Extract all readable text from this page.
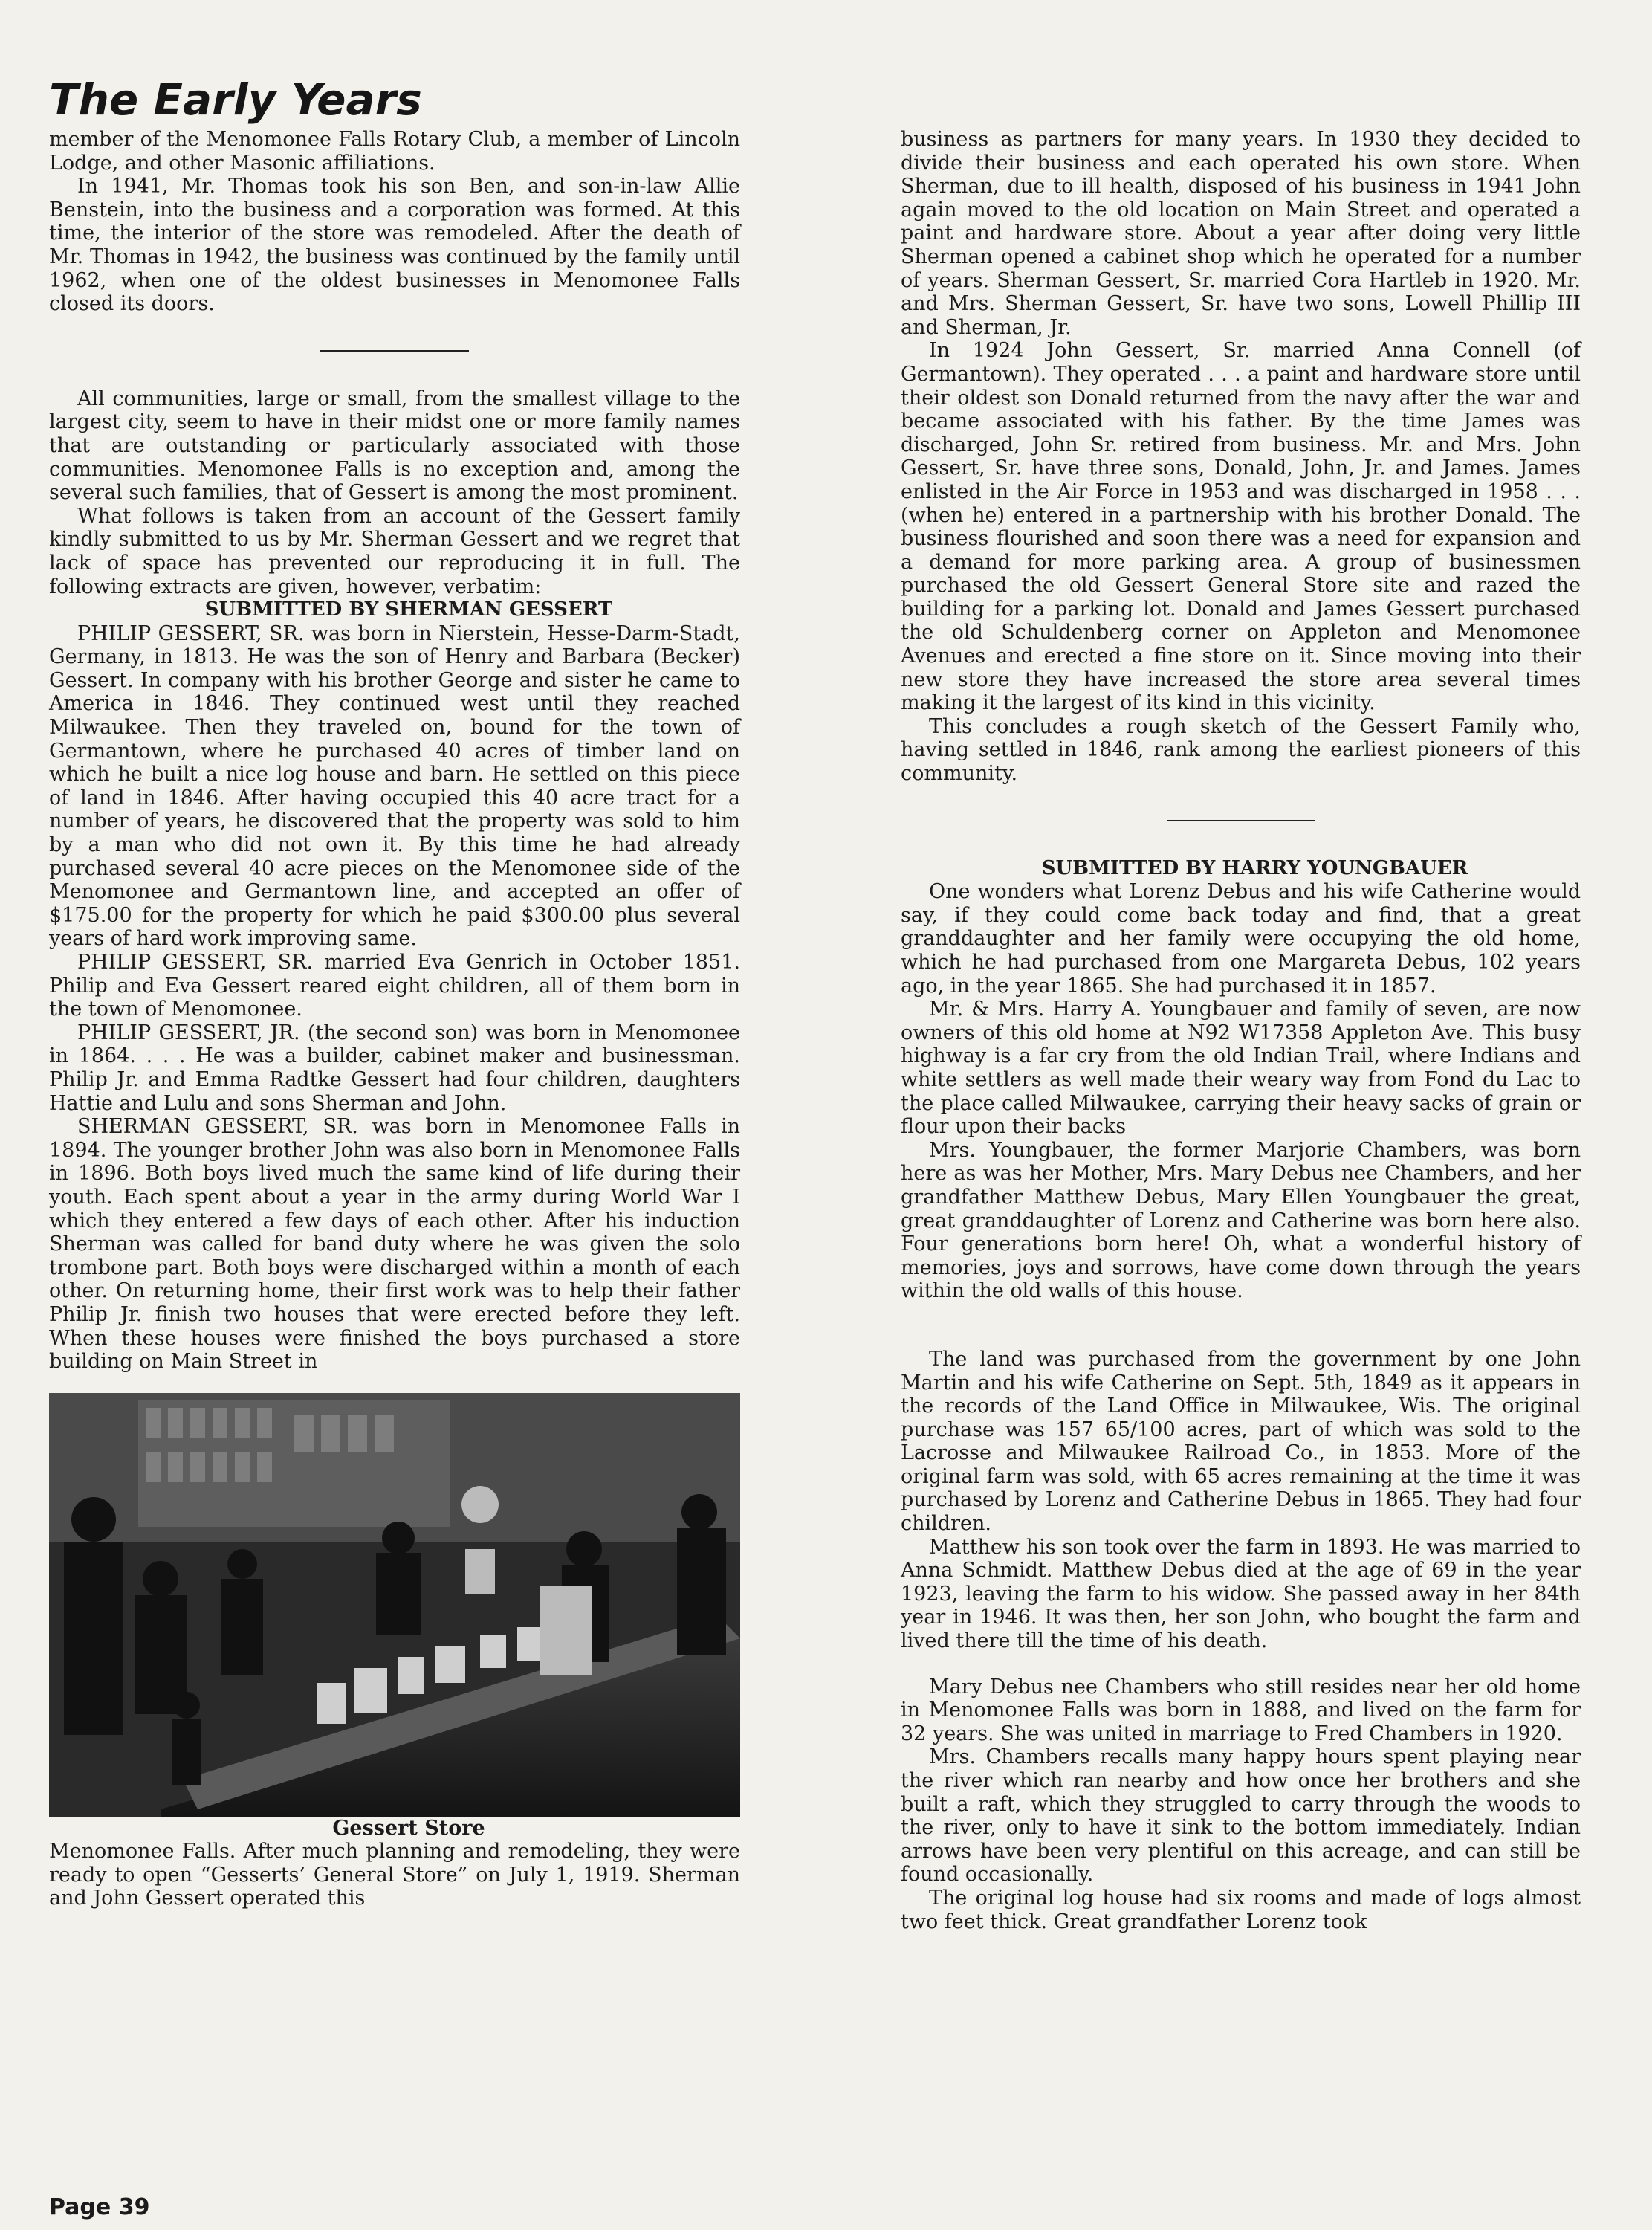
The Early Years

member of the Menomonee Falls Rotary Club, a member of Lincoln Lodge, and other Masonic affiliations.

In 1941, Mr. Thomas took his son Ben, and son-in-law Allie Benstein, into the business and a corporation was formed. At this time, the interior of the store was remodeled. After the death of Mr. Thomas in 1942, the business was continued by the family until 1962, when one of the oldest businesses in Menomonee Falls closed its doors.

All communities, large or small, from the smallest village to the largest city, seem to have in their midst one or more family names that are outstanding or particularly associated with those communities. Menomonee Falls is no exception and, among the several such families, that of Gessert is among the most prominent.

What follows is taken from an account of the Gessert family kindly submitted to us by Mr. Sherman Gessert and we regret that lack of space has prevented our reproducing it in full. The following extracts are given, however, verbatim:

SUBMITTED BY SHERMAN GESSERT

PHILIP GESSERT, SR. was born in Nierstein, Hesse-Darm-Stadt, Germany, in 1813. He was the son of Henry and Barbara (Becker) Gessert. In company with his brother George and sister he came to America in 1846. They continued west until they reached Milwaukee. Then they traveled on, bound for the town of Germantown, where he purchased 40 acres of timber land on which he built a nice log house and barn. He settled on this piece of land in 1846. After having occupied this 40 acre tract for a number of years, he discovered that the property was sold to him by a man who did not own it. By this time he had already purchased several 40 acre pieces on the Menomonee side of the Menomonee and Germantown line, and accepted an offer of $175.00 for the property for which he paid $300.00 plus several years of hard work improving same.

PHILIP GESSERT, SR. married Eva Genrich in October 1851. Philip and Eva Gessert reared eight children, all of them born in the town of Menomonee.

PHILIP GESSERT, JR. (the second son) was born in Menomonee in 1864. . . . He was a builder, cabinet maker and businessman. Philip Jr. and Emma Radtke Gessert had four children, daughters Hattie and Lulu and sons Sherman and John.

SHERMAN GESSERT, SR. was born in Menomonee Falls in 1894. The younger brother John was also born in Menomonee Falls in 1896. Both boys lived much the same kind of life during their youth. Each spent about a year in the army during World War I which they entered a few days of each other. After his induction Sherman was called for band duty where he was given the solo trombone part. Both boys were discharged within a month of each other. On returning home, their first work was to help their father Philip Jr. finish two houses that were erected before they left. When these houses were finished the boys purchased a store building on Main Street in

Gessert Store

Menomonee Falls. After much planning and remodeling, they were ready to open “Gesserts’ General Store” on July 1, 1919. Sherman and John Gessert operated this

business as partners for many years. In 1930 they decided to divide their business and each operated his own store. When Sherman, due to ill health, disposed of his business in 1941 John again moved to the old location on Main Street and operated a paint and hardware store. About a year after doing very little Sherman opened a cabinet shop which he operated for a number of years. Sherman Gessert, Sr. married Cora Hartleb in 1920. Mr. and Mrs. Sherman Gessert, Sr. have two sons, Lowell Phillip III and Sherman, Jr.

In 1924 John Gessert, Sr. married Anna Connell (of Germantown). They operated . . . a paint and hardware store until their oldest son Donald returned from the navy after the war and became associated with his father. By the time James was discharged, John Sr. retired from business. Mr. and Mrs. John Gessert, Sr. have three sons, Donald, John, Jr. and James. James enlisted in the Air Force in 1953 and was discharged in 1958 . . . (when he) entered in a partnership with his brother Donald. The business flourished and soon there was a need for expansion and a demand for more parking area. A group of businessmen purchased the old Gessert General Store site and razed the building for a parking lot. Donald and James Gessert purchased the old Schuldenberg corner on Appleton and Menomonee Avenues and erected a fine store on it. Since moving into their new store they have increased the store area several times making it the largest of its kind in this vicinity.

This concludes a rough sketch of the Gessert Family who, having settled in 1846, rank among the earliest pioneers of this community.

SUBMITTED BY HARRY YOUNGBAUER

One wonders what Lorenz Debus and his wife Catherine would say, if they could come back today and find, that a great granddaughter and her family were occupying the old home, which he had purchased from one Margareta Debus, 102 years ago, in the year 1865. She had purchased it in 1857.

Mr. & Mrs. Harry A. Youngbauer and family of seven, are now owners of this old home at N92 W17358 Appleton Ave. This busy highway is a far cry from the old Indian Trail, where Indians and white settlers as well made their weary way from Fond du Lac to the place called Milwaukee, carrying their heavy sacks of grain or flour upon their backs

Mrs. Youngbauer, the former Marjorie Chambers, was born here as was her Mother, Mrs. Mary Debus nee Chambers, and her grandfather Matthew Debus, Mary Ellen Youngbauer the great, great granddaughter of Lorenz and Catherine was born here also. Four generations born here! Oh, what a wonderful history of memories, joys and sorrows, have come down through the years within the old walls of this house.

The land was purchased from the government by one John Martin and his wife Catherine on Sept. 5th, 1849 as it appears in the records of the Land Office in Milwaukee, Wis. The original purchase was 157 65/100 acres, part of which was sold to the Lacrosse and Milwaukee Railroad Co., in 1853. More of the original farm was sold, with 65 acres remaining at the time it was purchased by Lorenz and Catherine Debus in 1865. They had four children.

Matthew his son took over the farm in 1893. He was married to Anna Schmidt. Matthew Debus died at the age of 69 in the year 1923, leaving the farm to his widow. She passed away in her 84th year in 1946. It was then, her son John, who bought the farm and lived there till the time of his death.

Mary Debus nee Chambers who still resides near her old home in Menomonee Falls was born in 1888, and lived on the farm for 32 years. She was united in marriage to Fred Chambers in 1920.

Mrs. Chambers recalls many happy hours spent playing near the river which ran nearby and how once her brothers and she built a raft, which they struggled to carry through the woods to the river, only to have it sink to the bottom immediately. Indian arrows have been very plentiful on this acreage, and can still be found occasionally.

The original log house had six rooms and made of logs almost two feet thick. Great grandfather Lorenz took

Page 39
